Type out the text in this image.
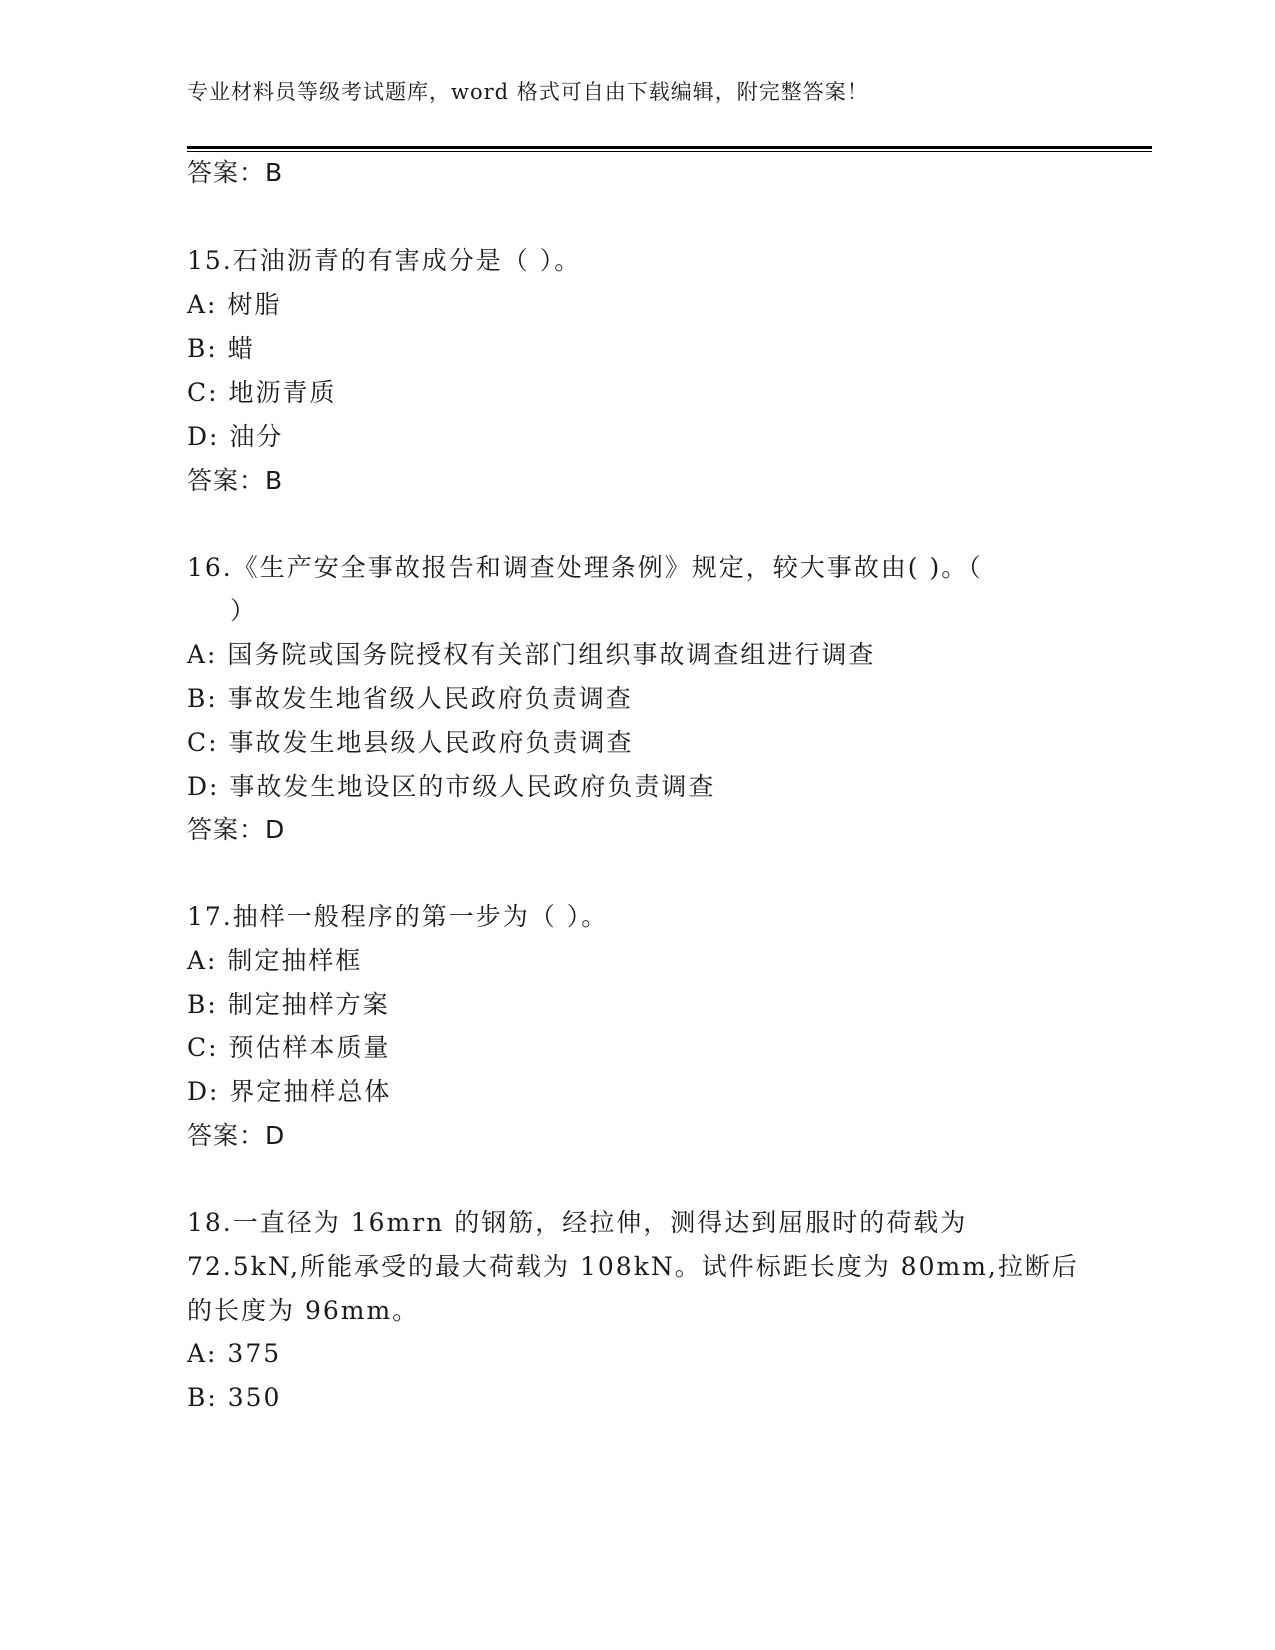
专业材料员等级考试题库，word 格式可自由下载编辑，附完整答案！
答案：B
15.石油沥青的有害成分是（ ）。
A: 树脂
B: 蜡
C: 地沥青质
D: 油分
答案：B
16.《生产安全事故报告和调查处理条例》规定，较大事故由( )。（
）
A: 国务院或国务院授权有关部门组织事故调查组进行调查
B: 事故发生地省级人民政府负责调查
C: 事故发生地县级人民政府负责调查
D: 事故发生地设区的市级人民政府负责调查
答案：D
17.抽样一般程序的第一步为（ ）。
A: 制定抽样框
B: 制定抽样方案
C: 预估样本质量
D: 界定抽样总体
答案：D
18.一直径为 16mrn 的钢筋，经拉伸，测得达到屈服时的荷载为
72.5kN,所能承受的最大荷载为 108kN。试件标距长度为 80mm,拉断后
的长度为 96mm。
A: 375
B: 350
